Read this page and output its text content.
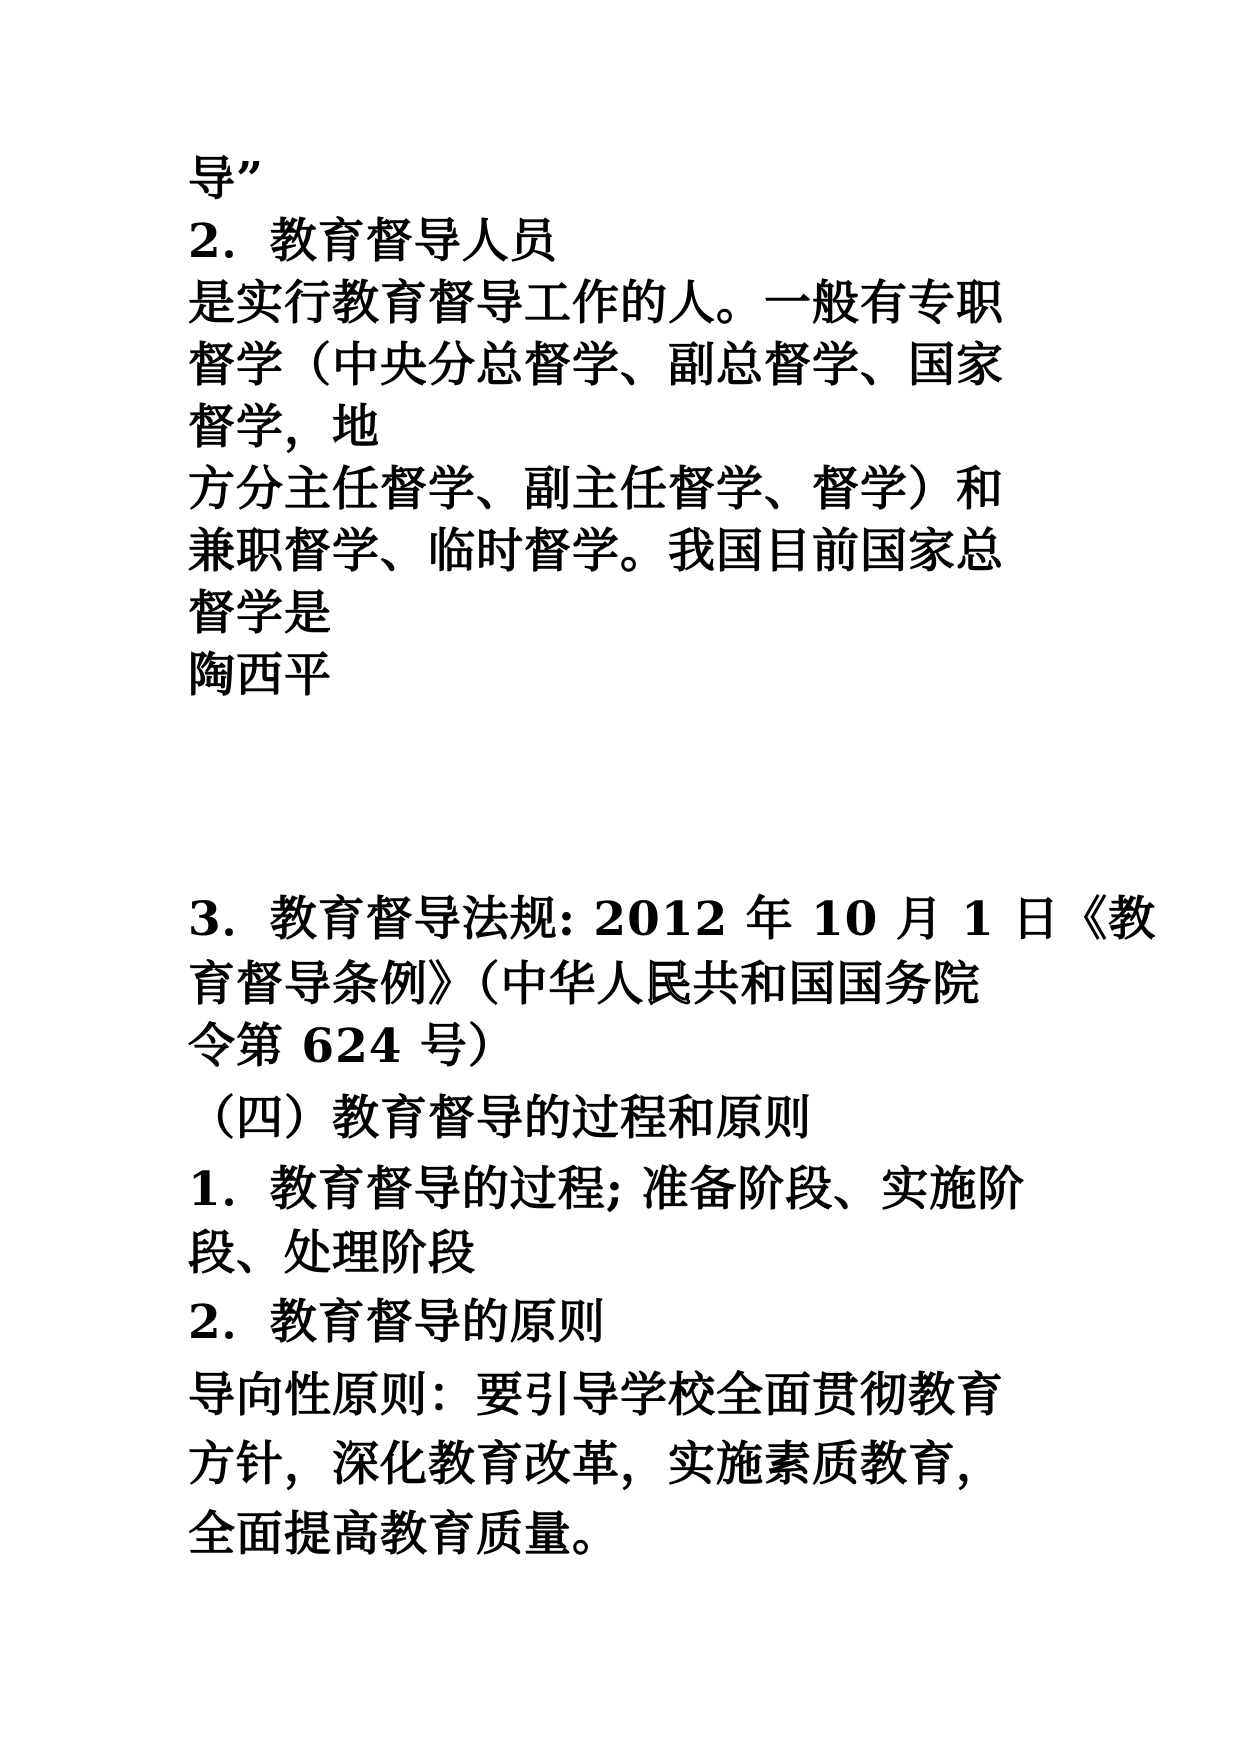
导”

2．教育督导人员

是实行教育督导工作的人。一般有专职

督学（中央分总督学、副总督学、国家

督学，地

方分主任督学、副主任督学、督学）和

兼职督学、临时督学。我国目前国家总

督学是

陶西平

3．教育督导法规: 2012 年 10 月 1 日《教

育督导条例》（中华人民共和国国务院

令第 624 号）

（四）教育督导的过程和原则

1．教育督导的过程; 准备阶段、实施阶

段、处理阶段

2．教育督导的原则

导向性原则：要引导学校全面贯彻教育

方针，深化教育改革，实施素质教育，

全面提高教育质量。
